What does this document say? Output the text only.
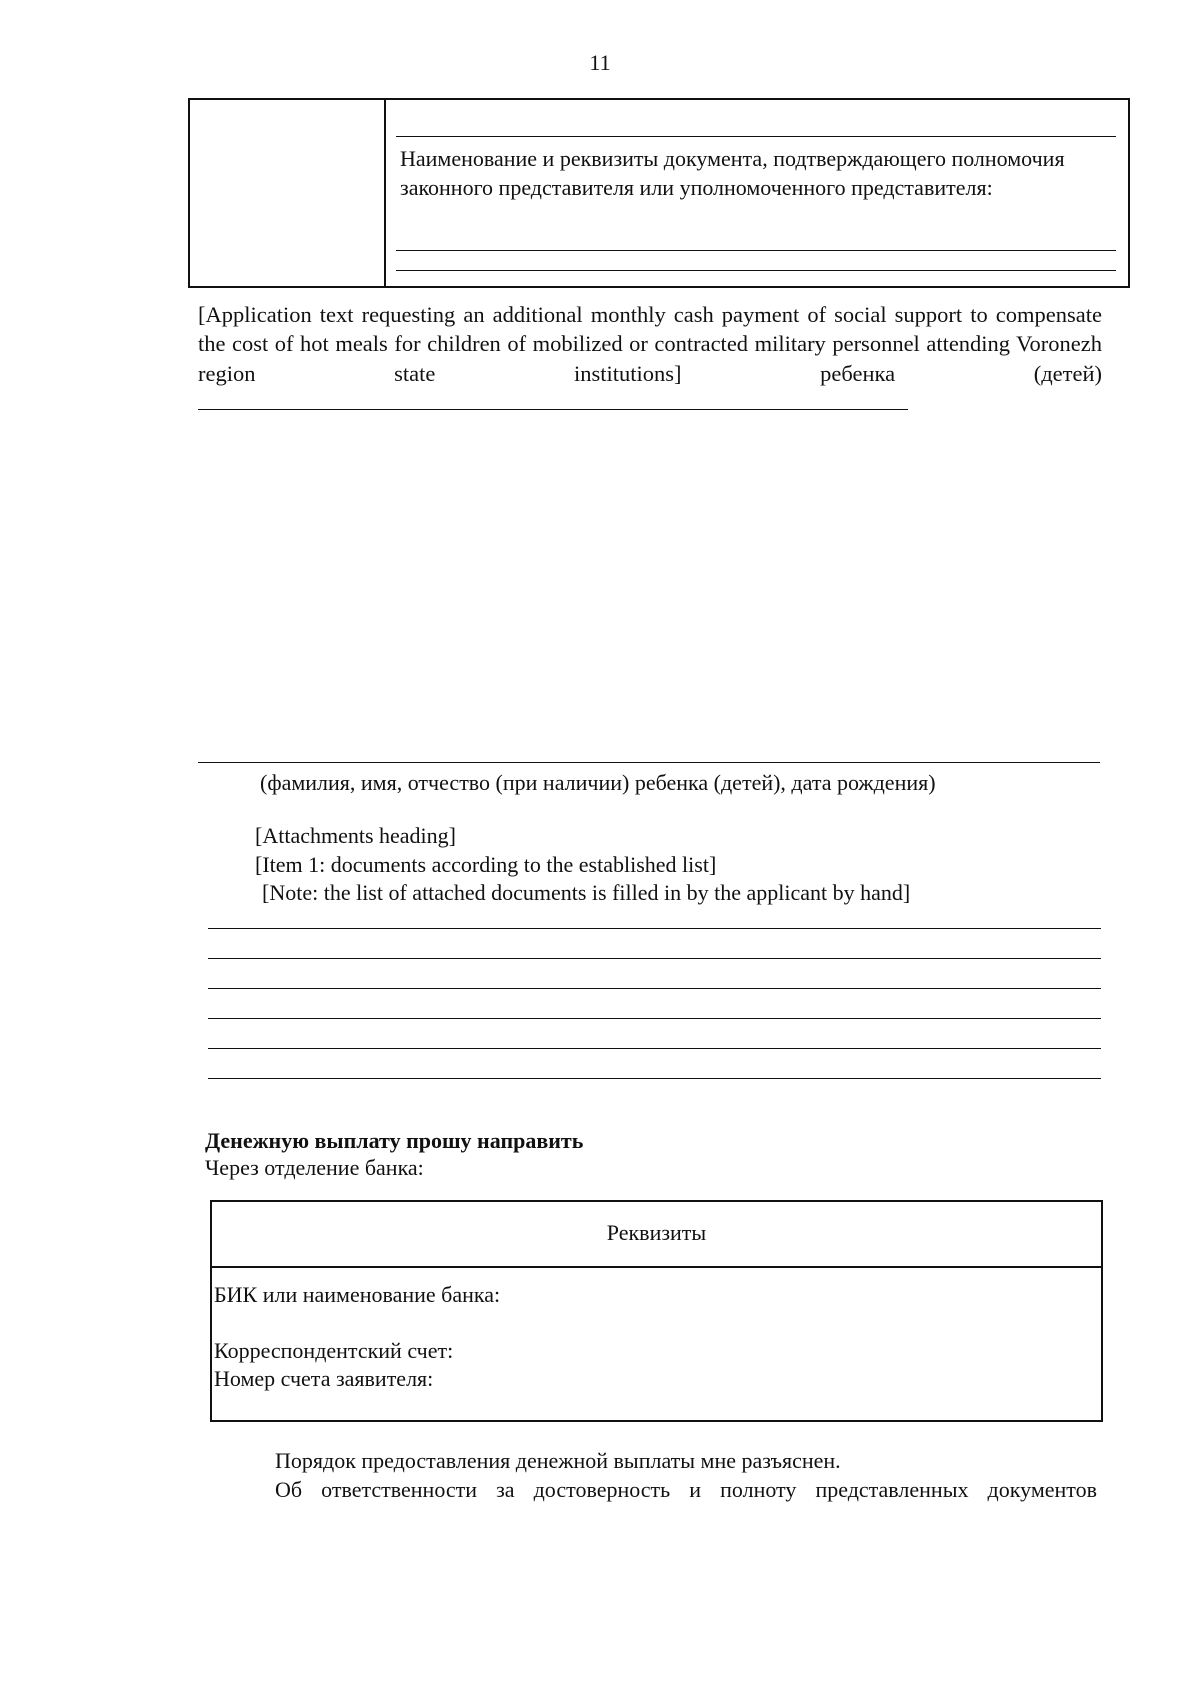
11
Наименование и реквизиты документа, подтверждающего полномочия законного представителя или уполномоченного представителя:
[Application text requesting an additional monthly cash payment of social support to compensate the cost of hot meals for children of mobilized or contracted military personnel attending Voronezh region state institutions]	ребенка (детей)
(фамилия, имя, отчество (при наличии) ребенка (детей), дата рождения)
[Attachments heading]
[Item 1: documents according to the established list]
[Note: the list of attached documents is filled in by the applicant by hand]
Денежную выплату прошу направить
Через отделение банка:
Реквизиты
БИК или наименование банка:
Корреспондентский счет:
Номер счета заявителя:
Порядок предоставления денежной выплаты мне разъяснен.
Об ответственности за достоверность и полноту представленных документов
